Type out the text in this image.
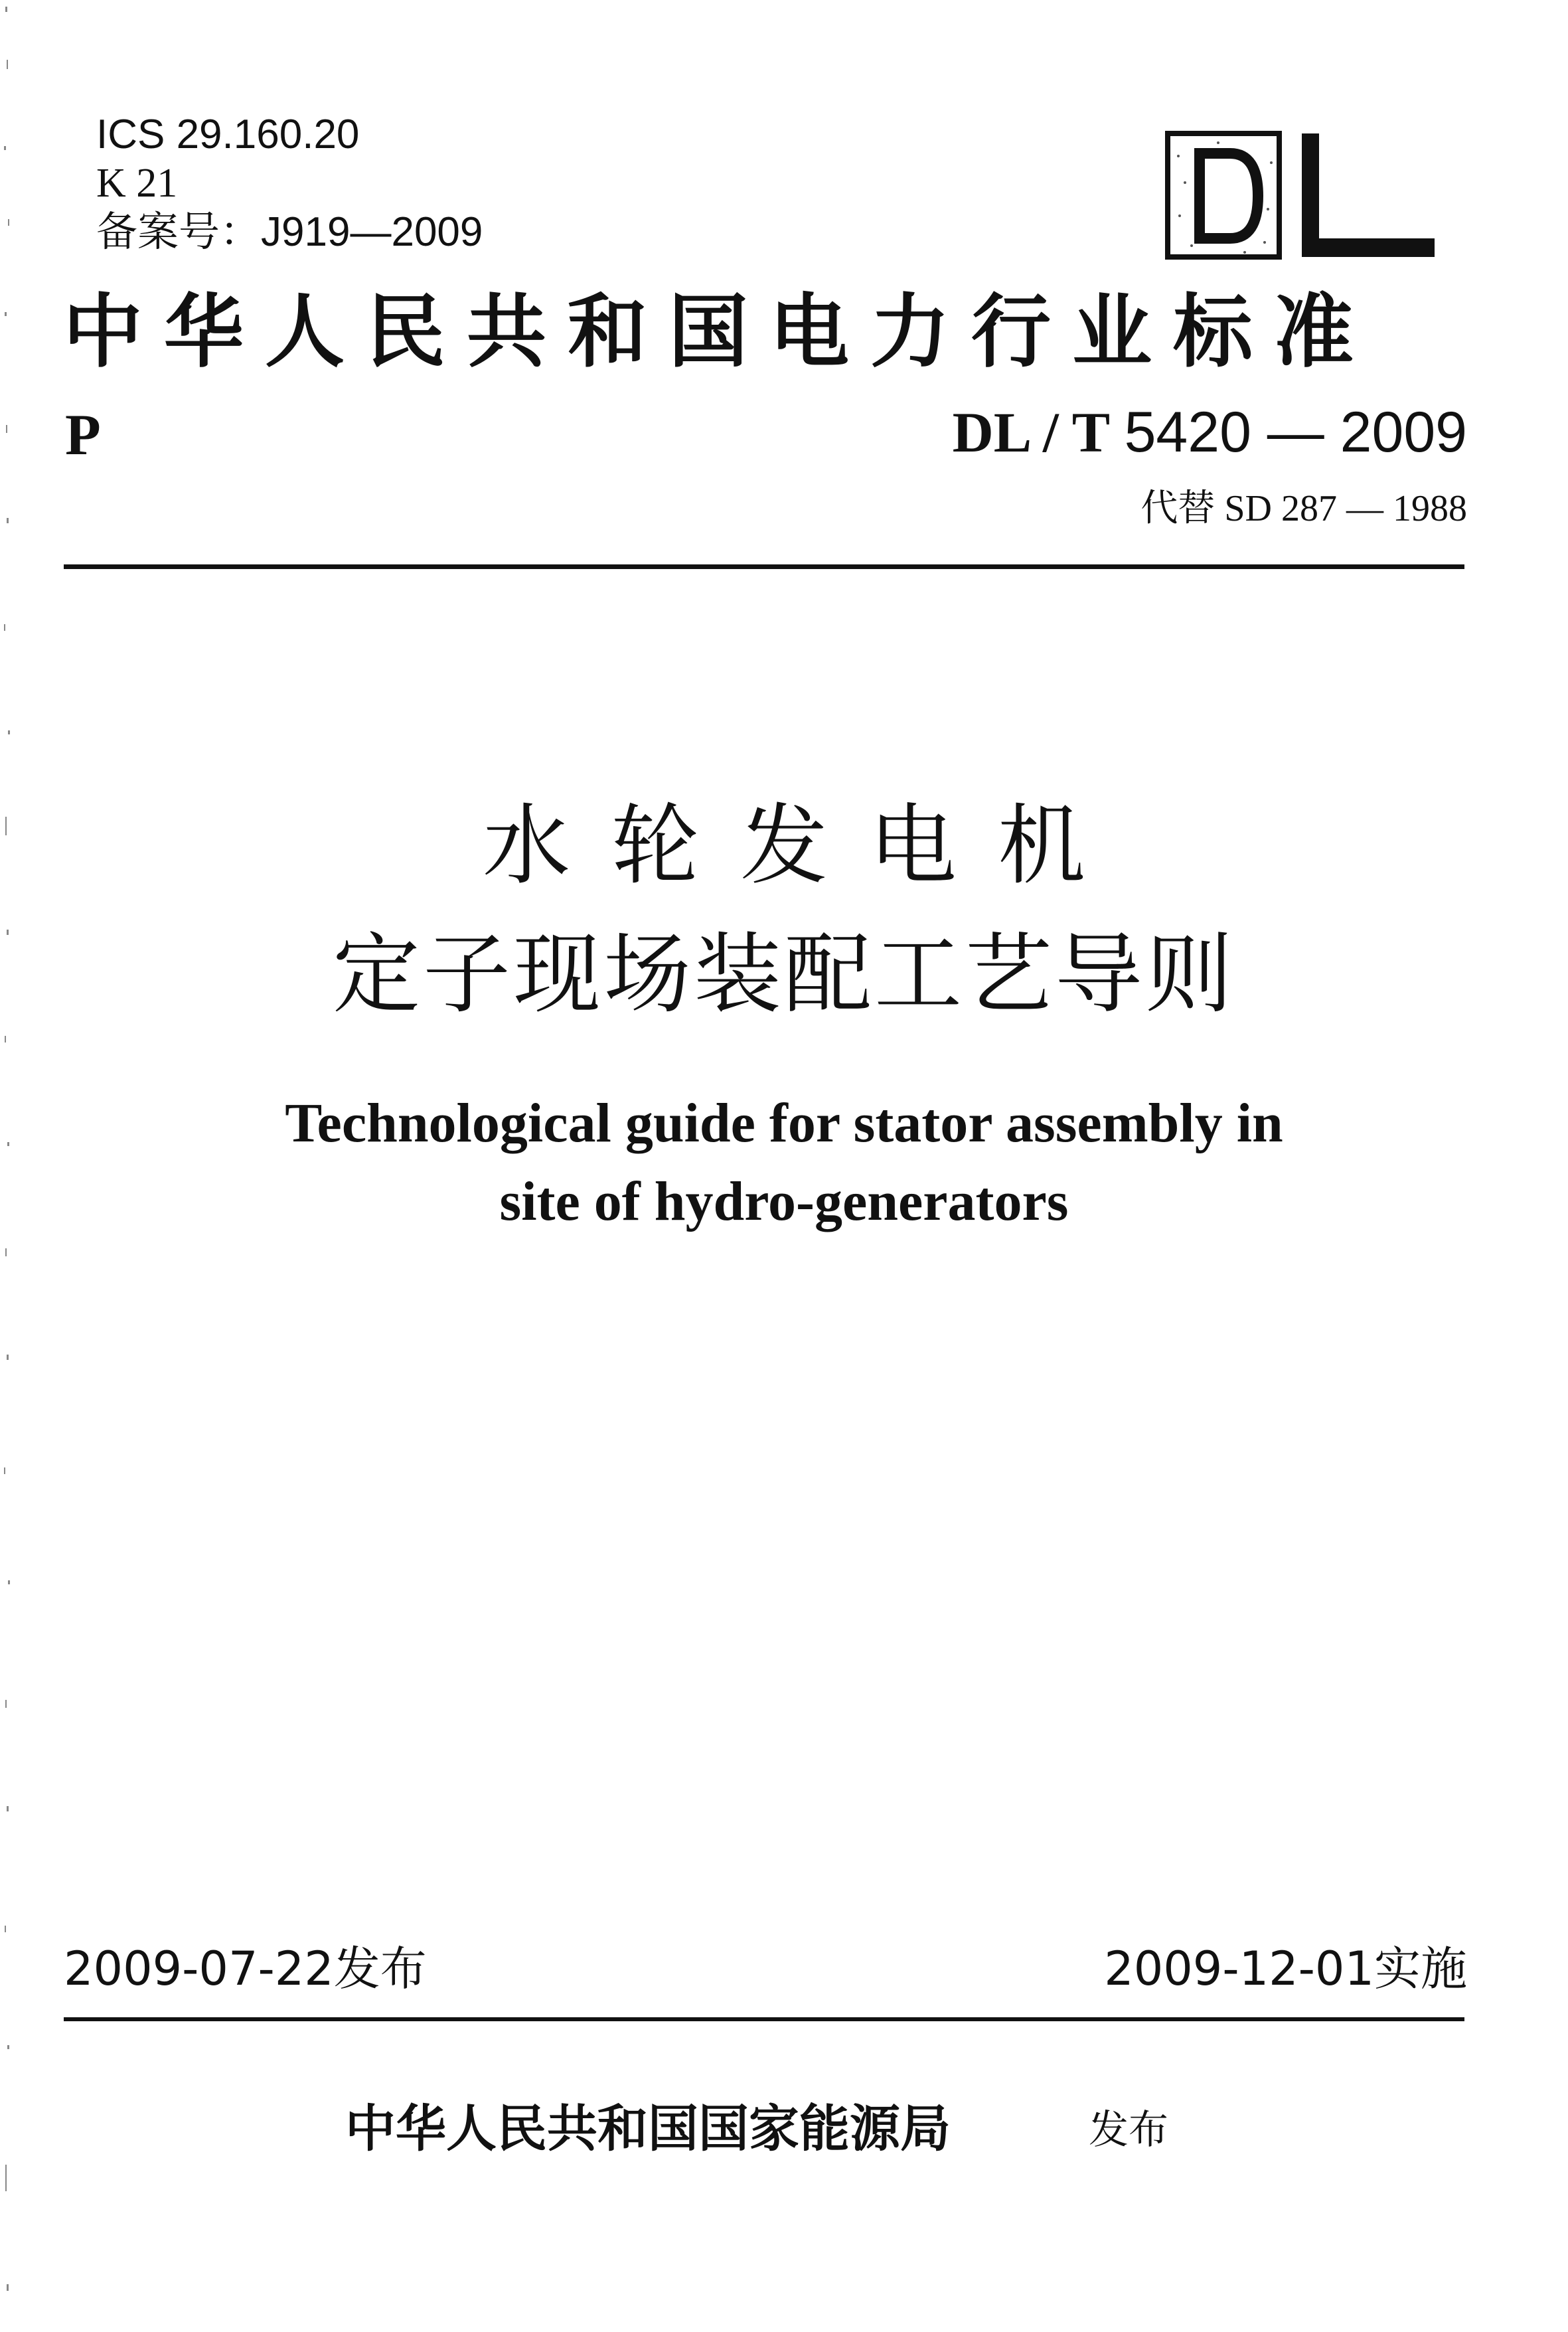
ICS 29.160.20
K 21
备案号：J919—2009
DL
中华人民共和国电力行业标准
P	DL / T 5420 — 2009
代替 SD 287 — 1988
水轮发电机
定子现场装配工艺导则
Technological guide for stator assembly in
site of hydro-generators
2009-07-22发布	2009-12-01实施
中华人民共和国国家能源局	发布
